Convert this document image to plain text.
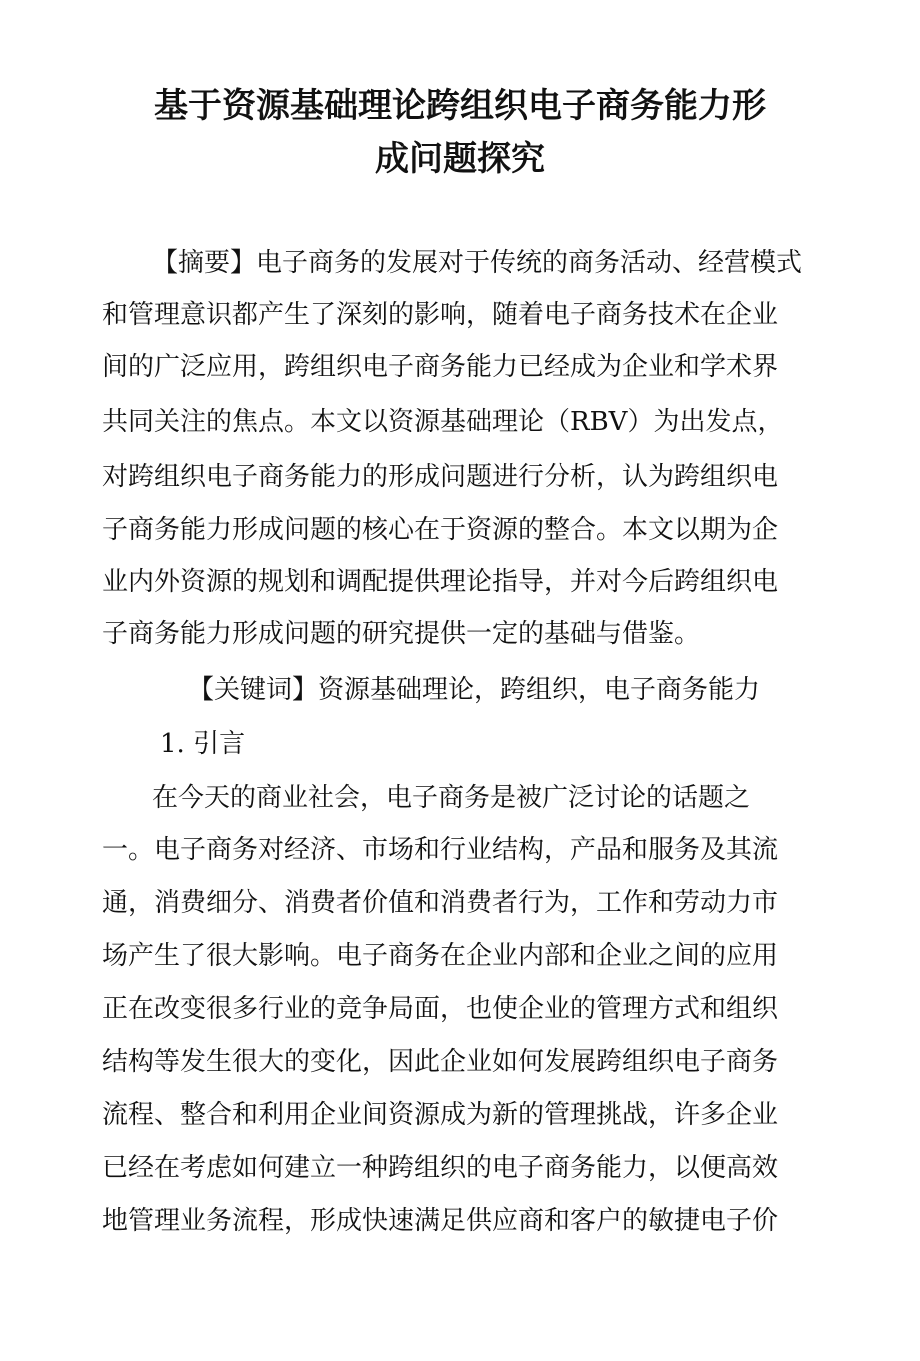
基于资源基础理论跨组织电子商务能力形
成问题探究
【摘要】电子商务的发展对于传统的商务活动、经营模式
和管理意识都产生了深刻的影响，随着电子商务技术在企业
间的广泛应用，跨组织电子商务能力已经成为企业和学术界
共同关注的焦点。本文以资源基础理论（RBV）为出发点，
对跨组织电子商务能力的形成问题进行分析，认为跨组织电
子商务能力形成问题的核心在于资源的整合。本文以期为企
业内外资源的规划和调配提供理论指导，并对今后跨组织电
子商务能力形成问题的研究提供一定的基础与借鉴。
【关键词】资源基础理论，跨组织，电子商务能力
1. 引言
在今天的商业社会，电子商务是被广泛讨论的话题之
一。电子商务对经济、市场和行业结构，产品和服务及其流
通，消费细分、消费者价值和消费者行为，工作和劳动力市
场产生了很大影响。电子商务在企业内部和企业之间的应用
正在改变很多行业的竞争局面，也使企业的管理方式和组织
结构等发生很大的变化，因此企业如何发展跨组织电子商务
流程、整合和利用企业间资源成为新的管理挑战，许多企业
已经在考虑如何建立一种跨组织的电子商务能力，以便高效
地管理业务流程，形成快速满足供应商和客户的敏捷电子价
